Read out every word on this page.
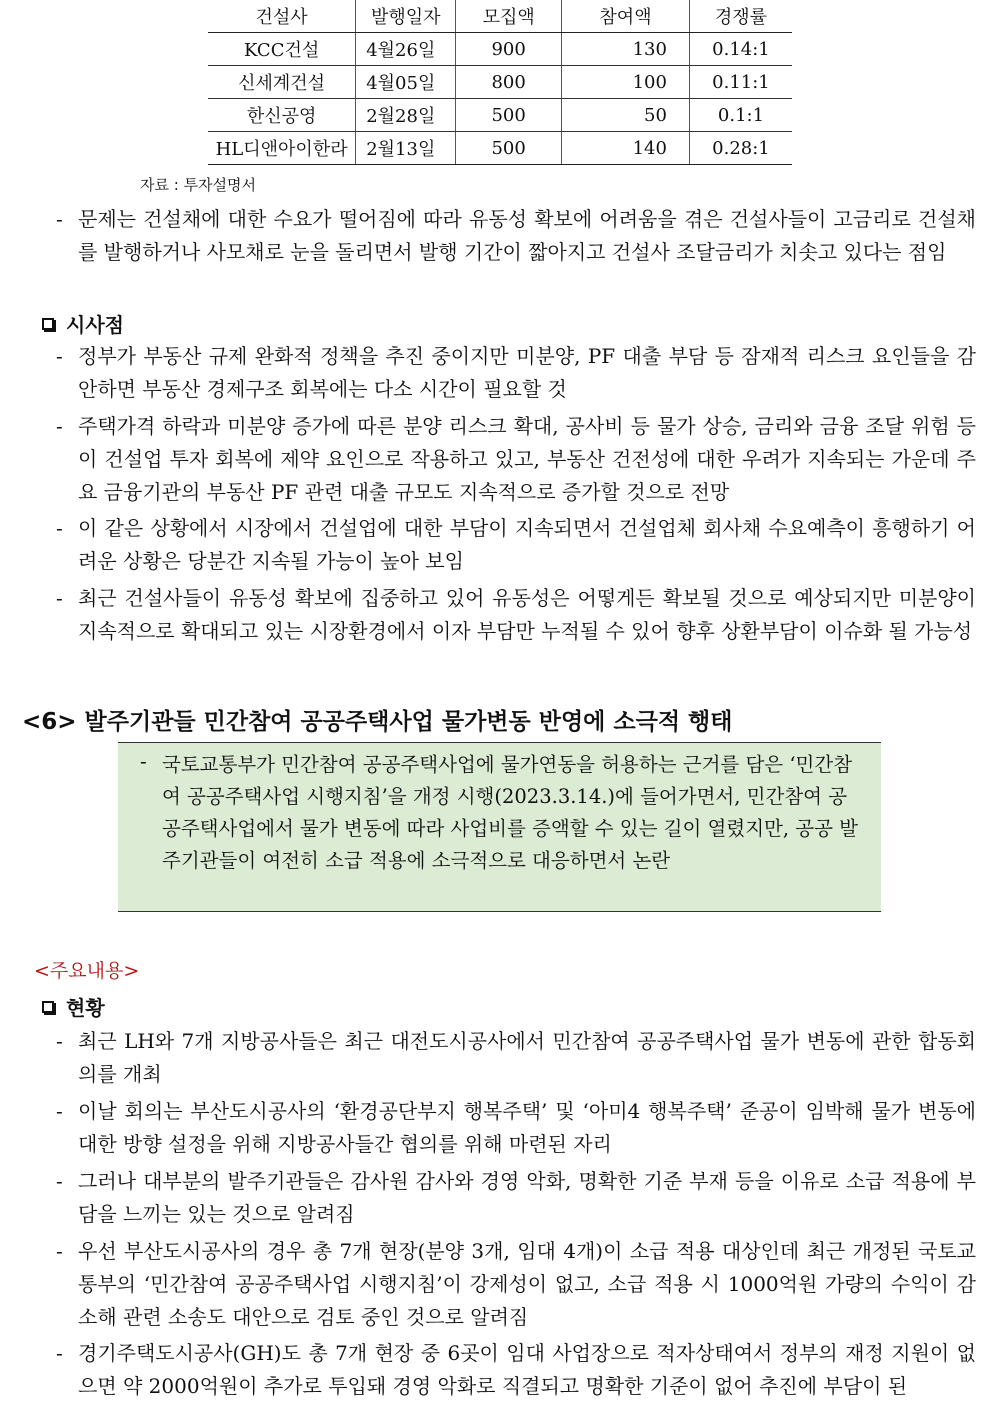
건설사	발행일자	모집액	참여액	경쟁률
KCC건설	4월26일	900	130	0.14:1
신세계건설	4월05일	800	100	0.11:1
한신공영	2월28일	500	50	0.1:1
HL디앤아이한라	2월13일	500	140	0.28:1
자료 : 투자설명서
- 문제는 건설채에 대한 수요가 떨어짐에 따라 유동성 확보에 어려움을 겪은 건설사들이 고금리로 건설채를 발행하거나 사모채로 눈을 돌리면서 발행 기간이 짧아지고 건설사 조달금리가 치솟고 있다는 점임
시사점
- 정부가 부동산 규제 완화적 정책을 추진 중이지만 미분양, PF 대출 부담 등 잠재적 리스크 요인들을 감안하면 부동산 경제구조 회복에는 다소 시간이 필요할 것
- 주택가격 하락과 미분양 증가에 따른 분양 리스크 확대, 공사비 등 물가 상승, 금리와 금융 조달 위험 등이 건설업 투자 회복에 제약 요인으로 작용하고 있고, 부동산 건전성에 대한 우려가 지속되는 가운데 주요 금융기관의 부동산 PF 관련 대출 규모도 지속적으로 증가할 것으로 전망
- 이 같은 상황에서 시장에서 건설업에 대한 부담이 지속되면서 건설업체 회사채 수요예측이 흥행하기 어려운 상황은 당분간 지속될 가능이 높아 보임
- 최근 건설사들이 유동성 확보에 집중하고 있어 유동성은 어떻게든 확보될 것으로 예상되지만 미분양이 지속적으로 확대되고 있는 시장환경에서 이자 부담만 누적될 수 있어 향후 상환부담이 이슈화 될 가능성
<6> 발주기관들 민간참여 공공주택사업 물가변동 반영에 소극적 행태
- 국토교통부가 민간참여 공공주택사업에 물가연동을 허용하는 근거를 담은 ‘민간참여 공공주택사업 시행지침’을 개정 시행(2023.3.14.)에 들어가면서, 민간참여 공공주택사업에서 물가 변동에 따라 사업비를 증액할 수 있는 길이 열렸지만, 공공 발주기관들이 여전히 소급 적용에 소극적으로 대응하면서 논란
<주요내용>
현황
- 최근 LH와 7개 지방공사들은 최근 대전도시공사에서 민간참여 공공주택사업 물가 변동에 관한 합동회의를 개최
- 이날 회의는 부산도시공사의 ‘환경공단부지 행복주택’ 및 ‘아미4 행복주택’ 준공이 임박해 물가 변동에 대한 방향 설정을 위해 지방공사들간 협의를 위해 마련된 자리
- 그러나 대부분의 발주기관들은 감사원 감사와 경영 악화, 명확한 기준 부재 등을 이유로 소급 적용에 부담을 느끼는 있는 것으로 알려짐
- 우선 부산도시공사의 경우 총 7개 현장(분양 3개, 임대 4개)이 소급 적용 대상인데 최근 개정된 국토교통부의 ‘민간참여 공공주택사업 시행지침’이 강제성이 없고, 소급 적용 시 1000억원 가량의 수익이 감소해 관련 소송도 대안으로 검토 중인 것으로 알려짐
- 경기주택도시공사(GH)도 총 7개 현장 중 6곳이 임대 사업장으로 적자상태여서 정부의 재정 지원이 없으면 약 2000억원이 추가로 투입돼 경영 악화로 직결되고 명확한 기준이 없어 추진에 부담이 된
